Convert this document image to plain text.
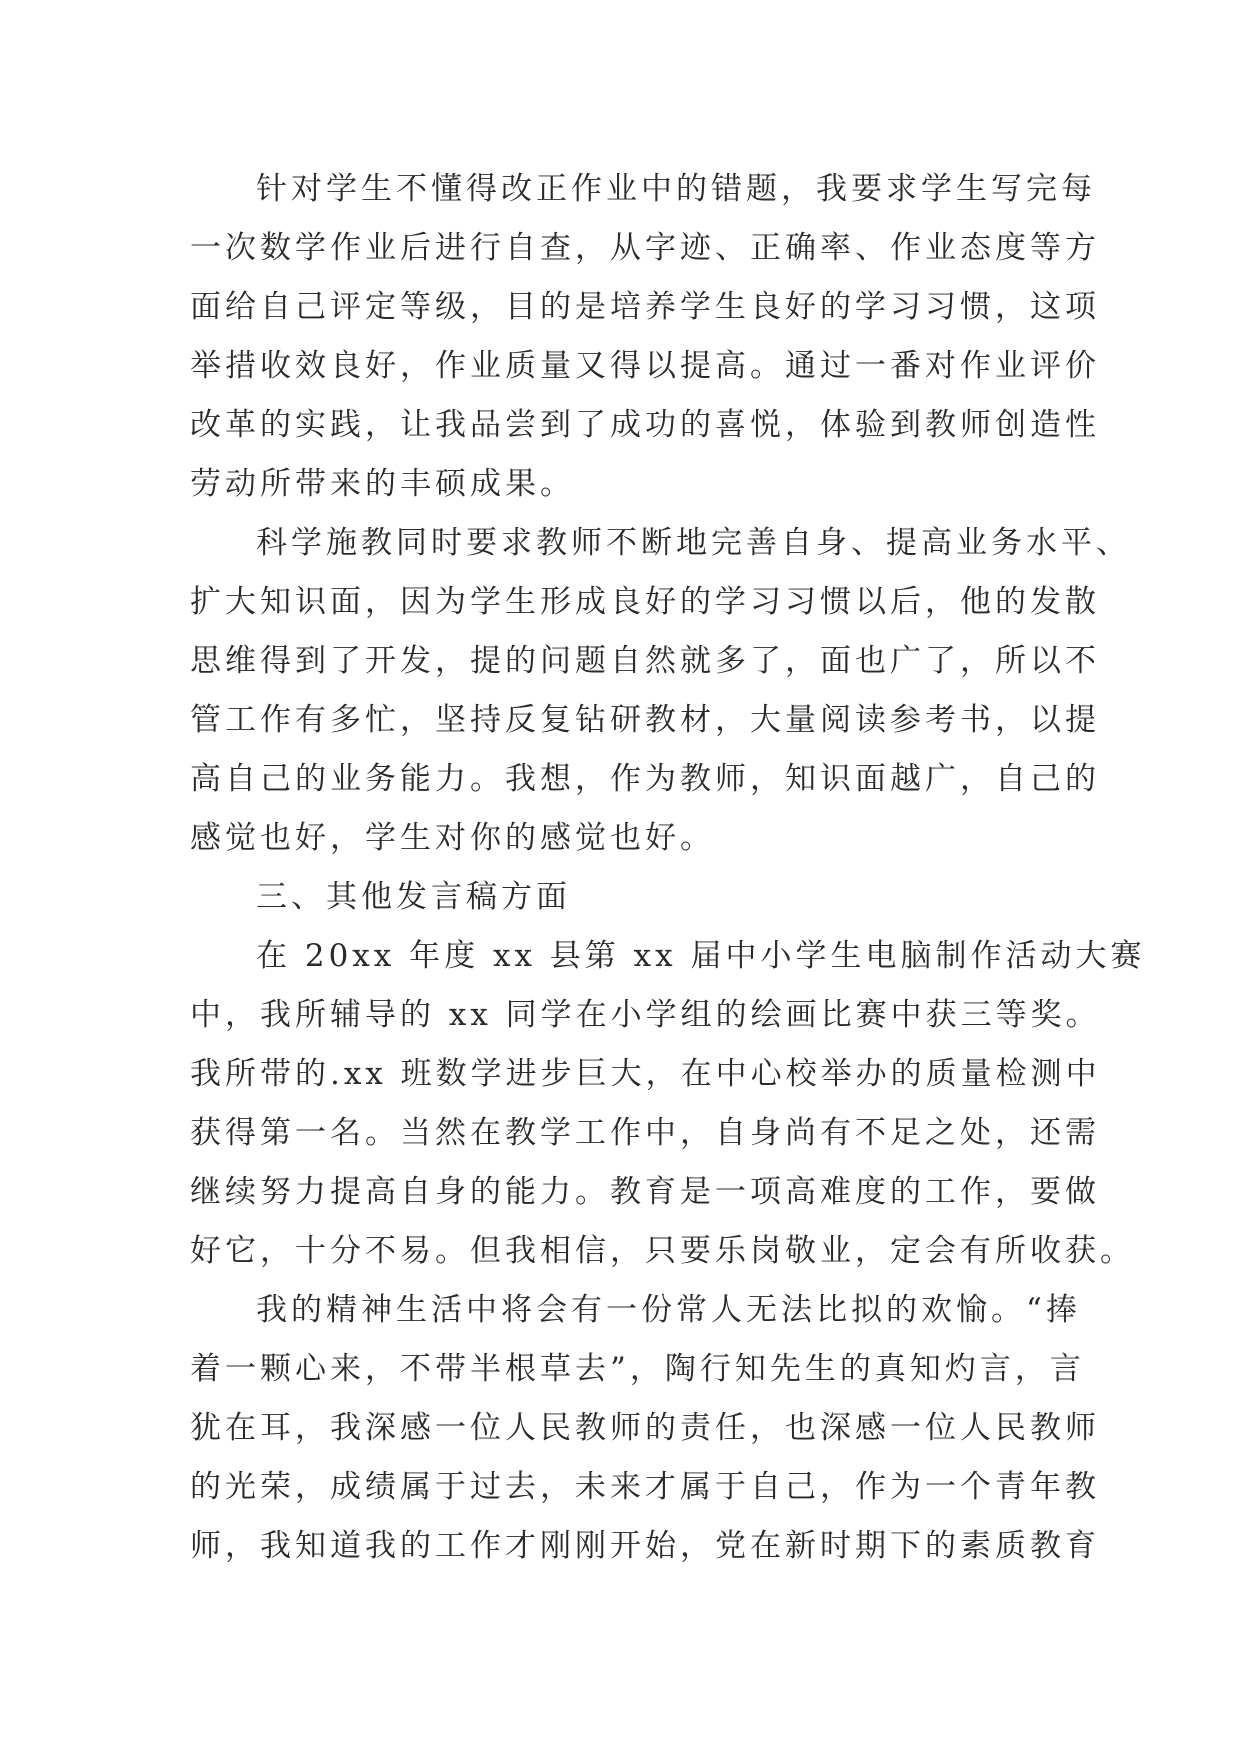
针对学生不懂得改正作业中的错题，我要求学生写完每
一次数学作业后进行自查，从字迹、正确率、作业态度等方
面给自己评定等级，目的是培养学生良好的学习习惯，这项
举措收效良好，作业质量又得以提高。通过一番对作业评价
改革的实践，让我品尝到了成功的喜悦，体验到教师创造性
劳动所带来的丰硕成果。
科学施教同时要求教师不断地完善自身、提高业务水平、
扩大知识面，因为学生形成良好的学习习惯以后，他的发散
思维得到了开发，提的问题自然就多了，面也广了，所以不
管工作有多忙，坚持反复钻研教材，大量阅读参考书，以提
高自己的业务能力。我想，作为教师，知识面越广，自己的
感觉也好，学生对你的感觉也好。
三、其他发言稿方面
在 20xx 年度 xx 县第 xx 届中小学生电脑制作活动大赛
中，我所辅导的 xx 同学在小学组的绘画比赛中获三等奖。
我所带的.xx 班数学进步巨大，在中心校举办的质量检测中
获得第一名。当然在教学工作中，自身尚有不足之处，还需
继续努力提高自身的能力。教育是一项高难度的工作，要做
好它，十分不易。但我相信，只要乐岗敬业，定会有所收获。
我的精神生活中将会有一份常人无法比拟的欢愉。“捧
着一颗心来，不带半根草去”，陶行知先生的真知灼言，言
犹在耳，我深感一位人民教师的责任，也深感一位人民教师
的光荣，成绩属于过去，未来才属于自己，作为一个青年教
师，我知道我的工作才刚刚开始，党在新时期下的素质教育
